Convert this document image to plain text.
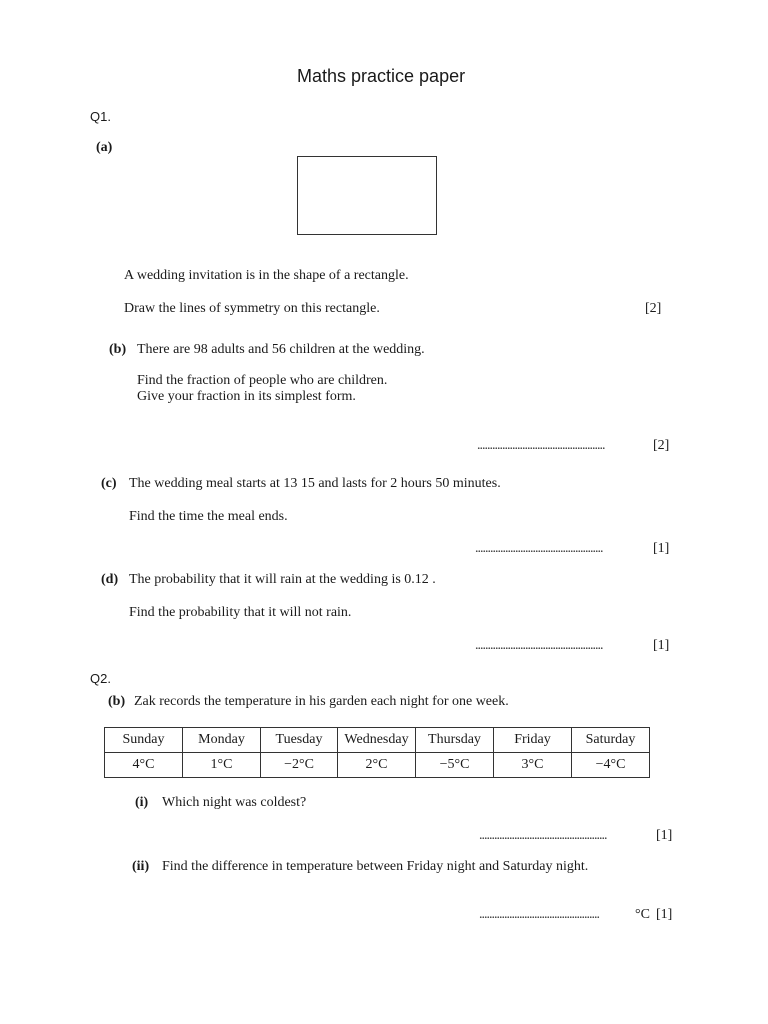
Maths practice paper
Q1.
(a)
A wedding invitation is in the shape of a rectangle.
Draw the lines of symmetry on this rectangle.	[2]
(b) There are 98 adults and 56 children at the wedding.
Find the fraction of people who are children.
Give your fraction in its simplest form.
...................................................	[2]
(c) The wedding meal starts at 13 15 and lasts for 2 hours 50 minutes.
Find the time the meal ends.
...................................................	[1]
(d) The probability that it will rain at the wedding is 0.12 .
Find the probability that it will not rain.
...................................................	[1]
Q2.
(b) Zak records the temperature in his garden each night for one week.
Sunday	Monday	Tuesday	Wednesday	Thursday	Friday	Saturday
4°C	1°C	−2°C	2°C	−5°C	3°C	−4°C
(i) Which night was coldest?
...................................................	[1]
(ii) Find the difference in temperature between Friday night and Saturday night.
................................................	°C [1]
